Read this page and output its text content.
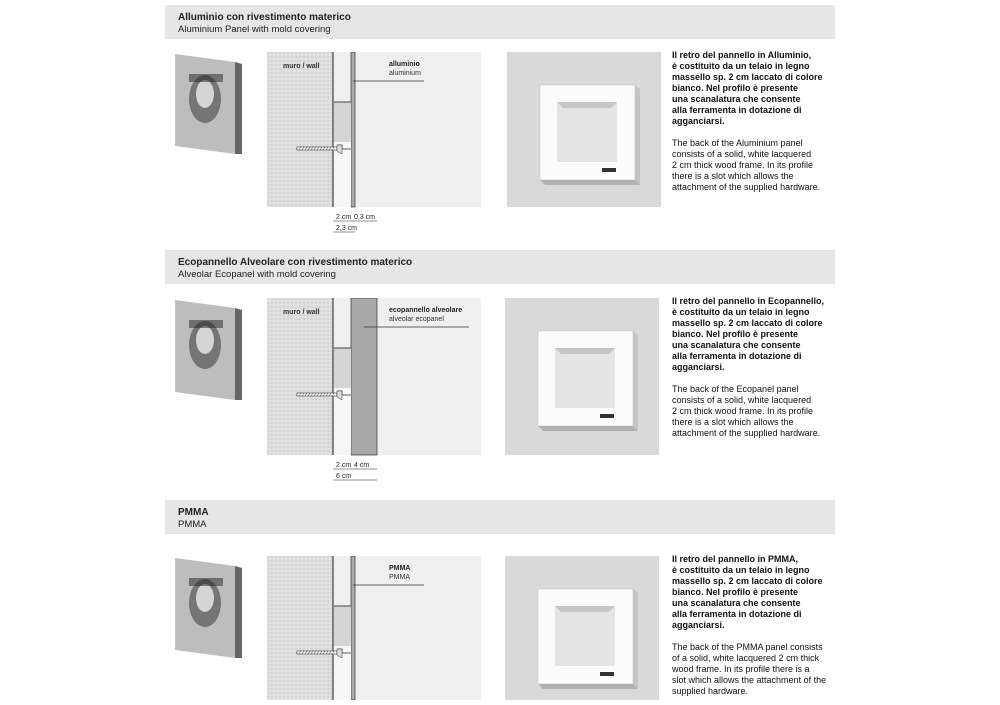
Alluminio con rivestimento materico
Aluminium Panel with mold covering
muro / wall	alluminio
aluminium
2 cm 0,3 cm
2,3 cm

Il retro del pannello in Alluminio,
è costituito da un telaio in legno
massello sp. 2 cm laccato di colore
bianco. Nel profilo è presente
una scanalatura che consente
alla ferramenta in dotazione di
agganciarsi.

The back of the Aluminium panel
consists of a solid, white lacquered
2 cm thick wood frame. In its profile
there is a slot which allows the
attachment of the supplied hardware.

Ecopannello Alveolare con rivestimento materico
Alveolar Ecopanel with mold covering
muro / wall	ecopannello alveolare
alveolar ecopanel
2 cm 4 cm
6 cm

Il retro del pannello in Ecopannello,
è costituito da un telaio in legno
massello sp. 2 cm laccato di colore
bianco. Nel profilo è presente
una scanalatura che consente
alla ferramenta in dotazione di
agganciarsi.

The back of the Ecopanel panel
consists of a solid, white lacquered
2 cm thick wood frame. In its profile
there is a slot which allows the
attachment of the supplied hardware.

PMMA
PMMA
PMMA
PMMA

Il retro del pannello in PMMA,
è costituito da un telaio in legno
massello sp. 2 cm laccato di colore
bianco. Nel profilo è presente
una scanalatura che consente
alla ferramenta in dotazione di
agganciarsi.

The back of the PMMA panel consists
of a solid, white lacquered 2 cm thick
wood frame. In its profile there is a
slot which allows the attachment of the
supplied hardware.
